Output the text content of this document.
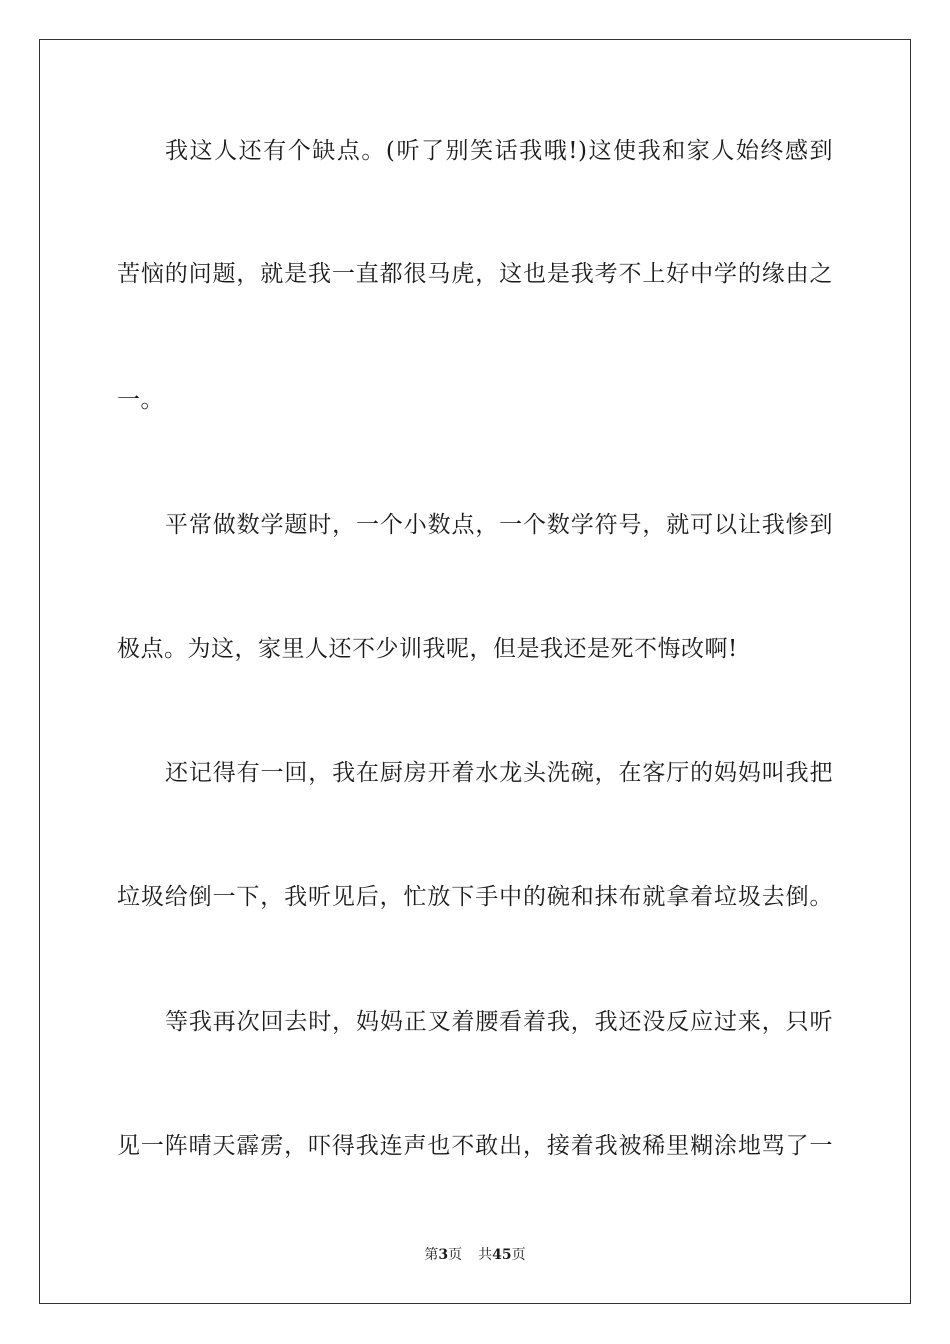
我这人还有个缺点。(听了别笑话我哦!)这使我和家人始终感到
苦恼的问题，就是我一直都很马虎，这也是我考不上好中学的缘由之
一。
平常做数学题时，一个小数点，一个数学符号，就可以让我惨到
极点。为这，家里人还不少训我呢，但是我还是死不悔改啊!
还记得有一回，我在厨房开着水龙头洗碗，在客厅的妈妈叫我把
垃圾给倒一下，我听见后，忙放下手中的碗和抹布就拿着垃圾去倒。
等我再次回去时，妈妈正叉着腰看着我，我还没反应过来，只听
见一阵晴天霹雳，吓得我连声也不敢出，接着我被稀里糊涂地骂了一
第3页 共45页
